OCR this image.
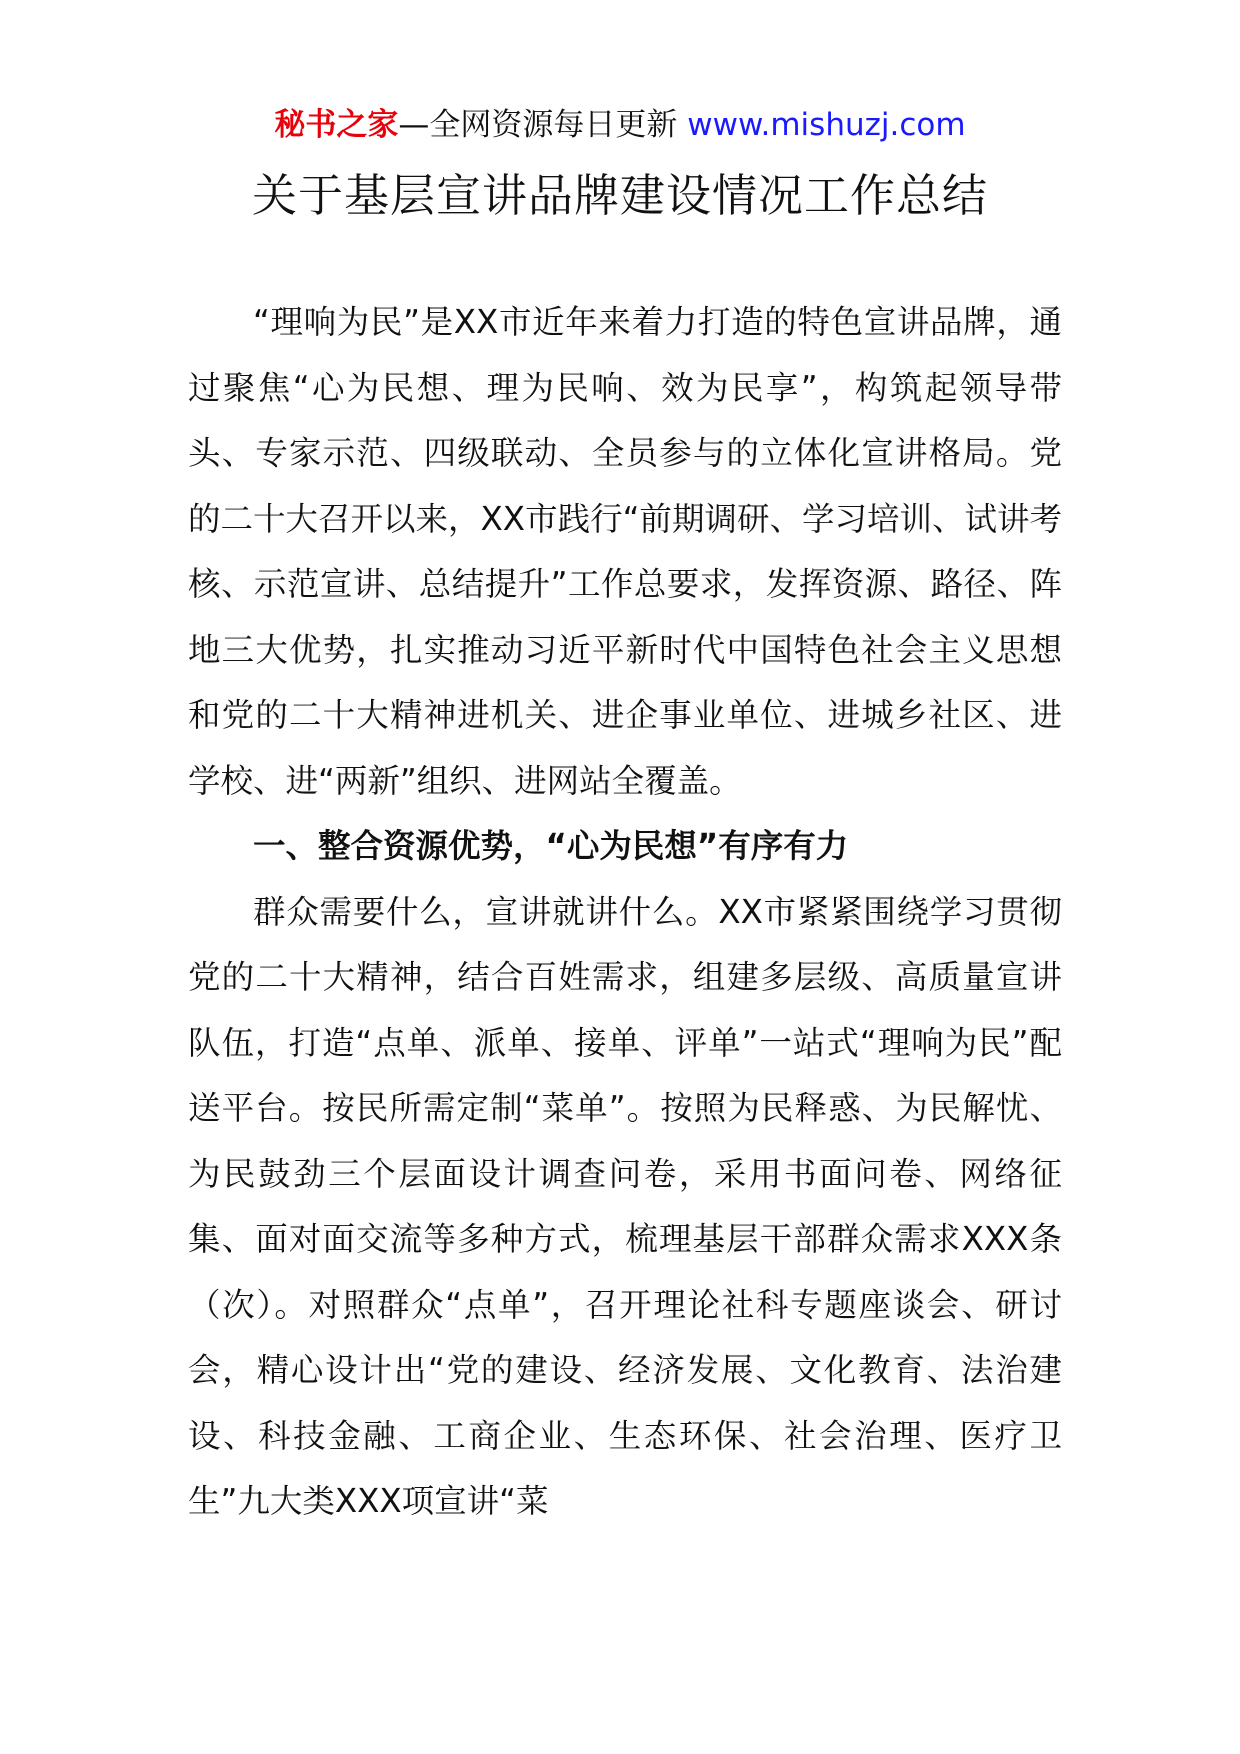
秘书之家—全网资源每日更新 www.mishuzj.com
关于基层宣讲品牌建设情况工作总结

“理响为民”是XX市近年来着力打造的特色宣讲品牌，通过聚焦“心为民想、理为民响、效为民享”，构筑起领导带头、专家示范、四级联动、全员参与的立体化宣讲格局。党的二十大召开以来，XX市践行“前期调研、学习培训、试讲考核、示范宣讲、总结提升”工作总要求，发挥资源、路径、阵地三大优势，扎实推动习近平新时代中国特色社会主义思想和党的二十大精神进机关、进企事业单位、进城乡社区、进学校、进“两新”组织、进网站全覆盖。

一、整合资源优势，“心为民想”有序有力

群众需要什么，宣讲就讲什么。XX市紧紧围绕学习贯彻党的二十大精神，结合百姓需求，组建多层级、高质量宣讲队伍，打造“点单、派单、接单、评单”一站式“理响为民”配送平台。按民所需定制“菜单”。按照为民释惑、为民解忧、为民鼓劲三个层面设计调查问卷，采用书面问卷、网络征集、面对面交流等多种方式，梳理基层干部群众需求XXX条（次）。对照群众“点单”，召开理论社科专题座谈会、研讨会，精心设计出“党的建设、经济发展、文化教育、法治建设、科技金融、工商企业、生态环保、社会治理、医疗卫生”九大类XXX项宣讲“菜
